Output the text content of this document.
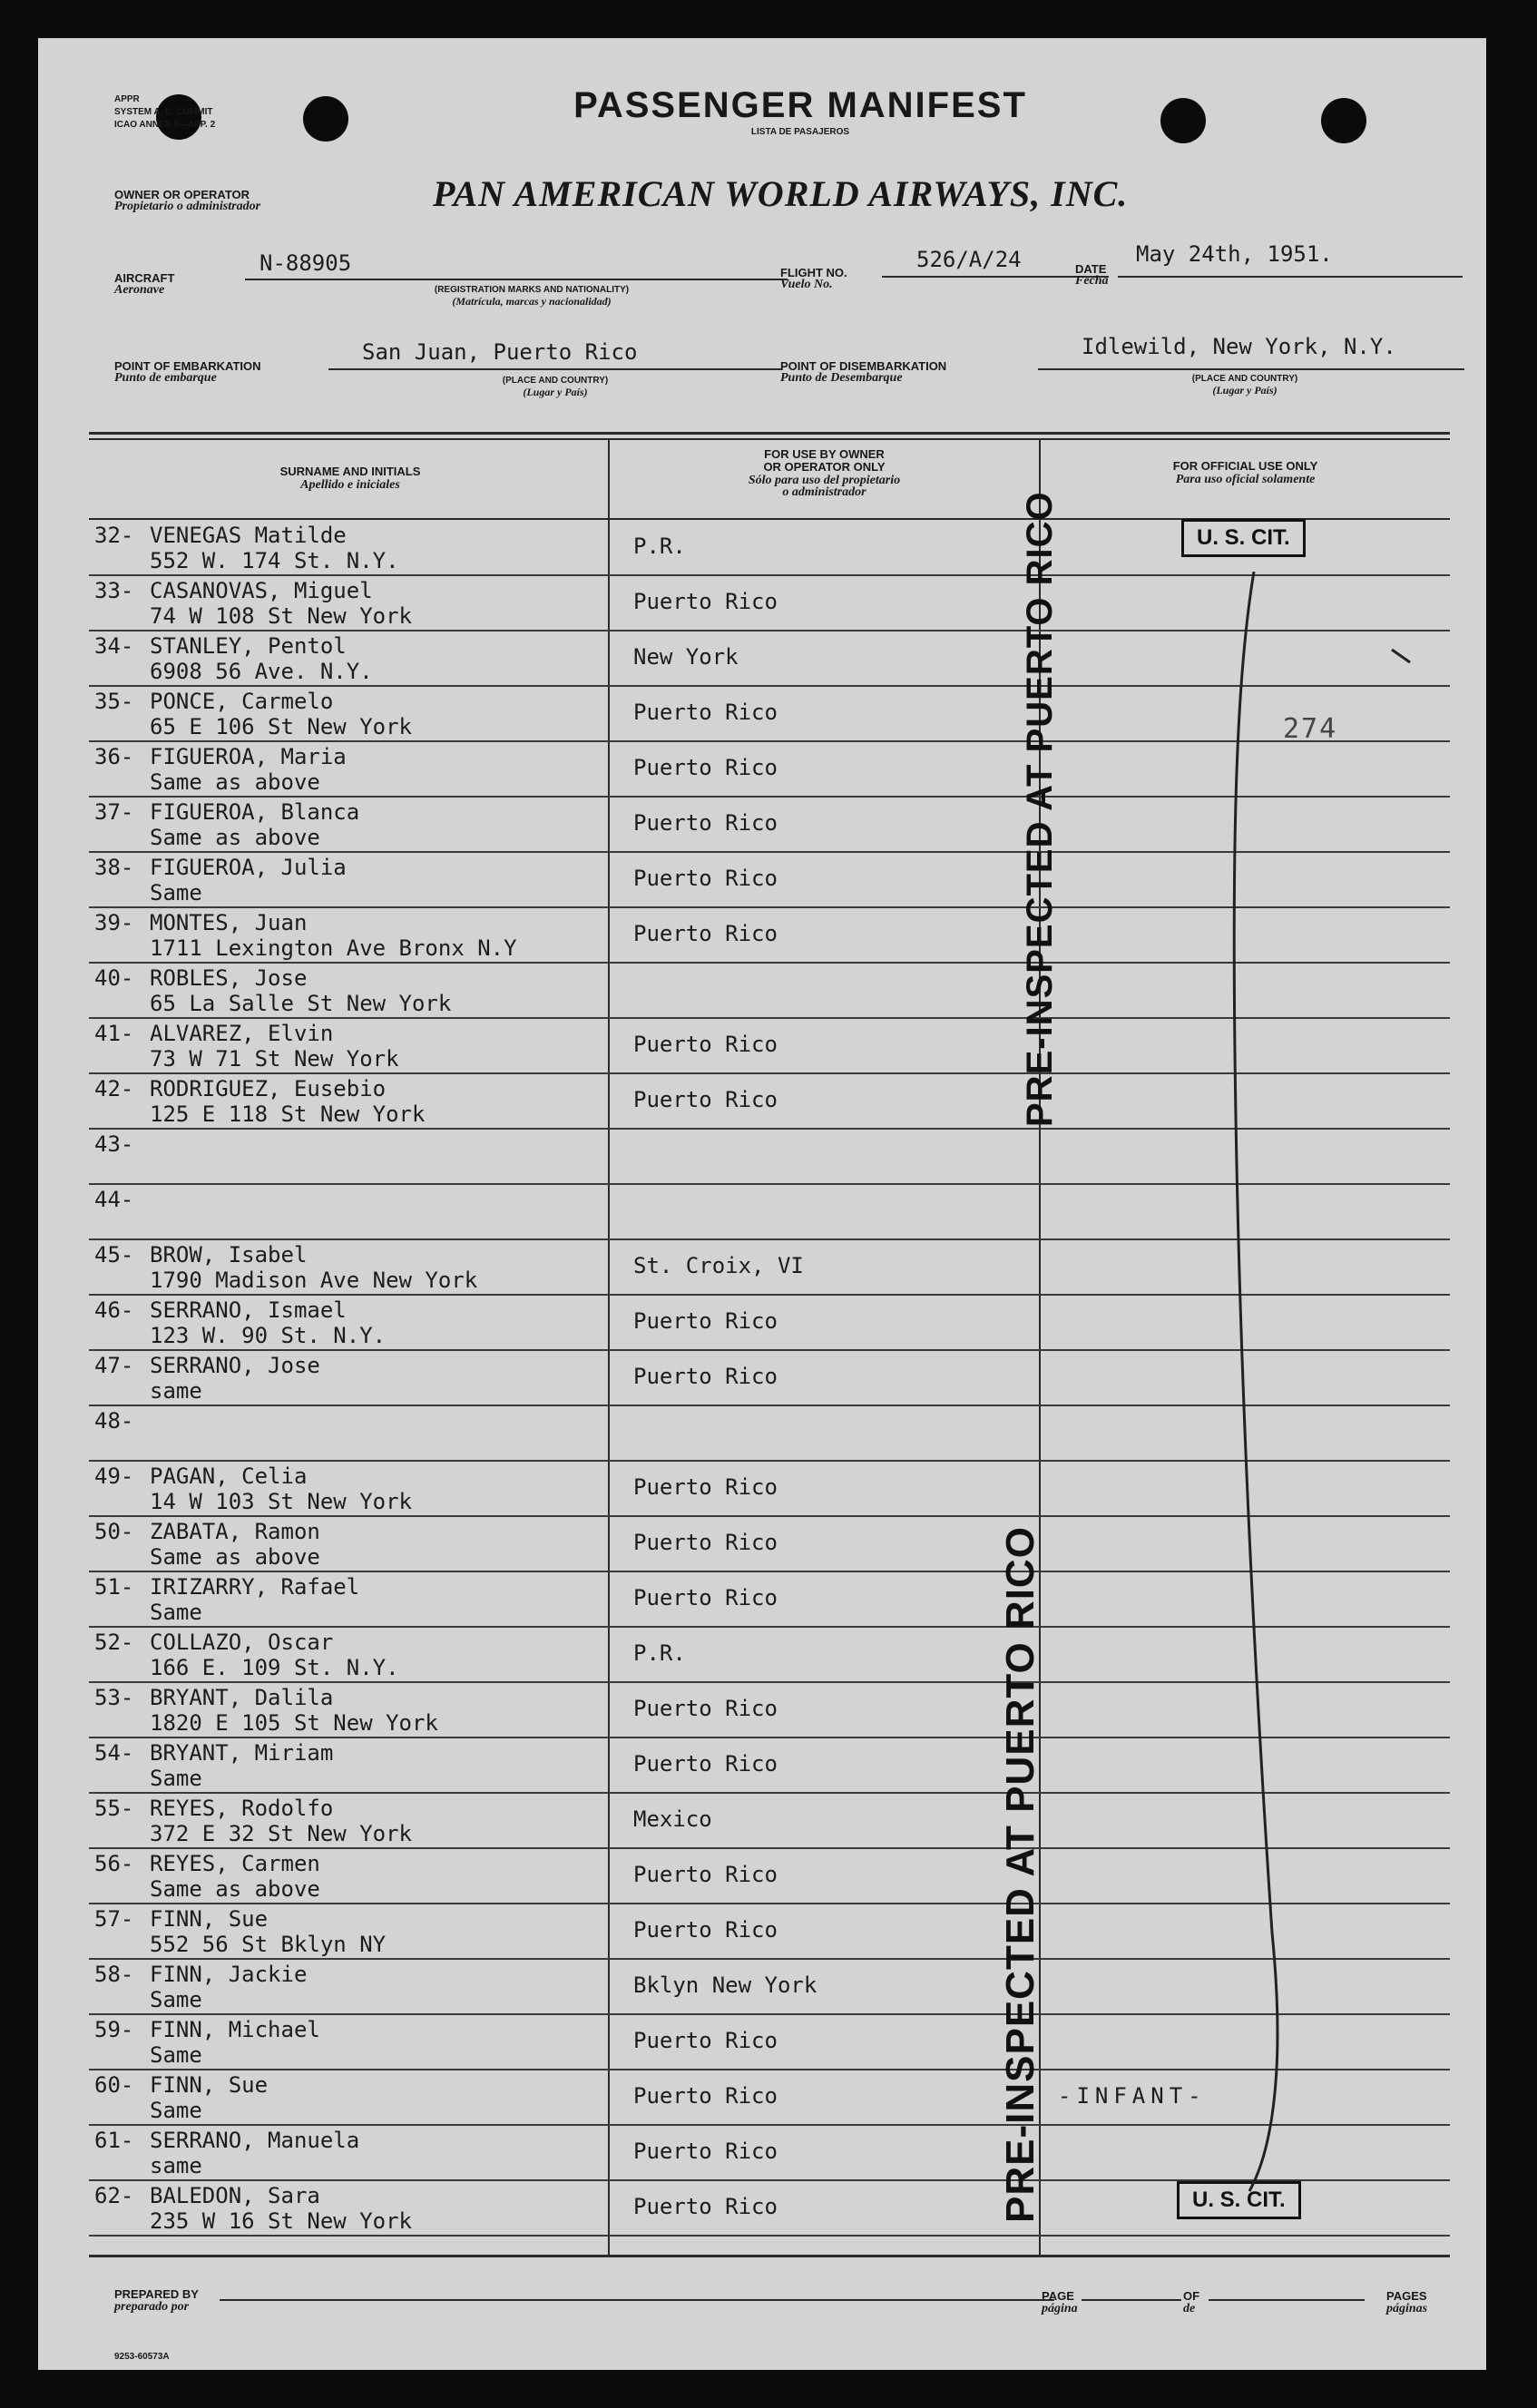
APPR
SYSTEM A. L. COMMIT
ICAO ANNEX 9—APP. 2	PASSENGER MANIFEST
LISTA DE PASAJEROS
OWNER OR OPERATOR
Propietario o administrador	PAN AMERICAN WORLD AIRWAYS, INC.
AIRCRAFT
Aeronave
N-88905
(REGISTRATION MARKS AND NATIONALITY)
(Matrícula, marcas y nacionalidad)
FLIGHT NO.
Vuelo No.
526/A/24	DATE
Fecha
May 24th, 1951.
POINT OF EMBARKATION
Punto de embarque
San Juan, Puerto Rico
(PLACE AND COUNTRY)
(Lugar y País)
POINT OF DISEMBARKATION
Punto de Desembarque
Idlewild, New York, N.Y.
(PLACE AND COUNTRY)
(Lugar y País)
SURNAME AND INITIALS
Apellido e iniciales
FOR USE BY OWNER
OR OPERATOR ONLY
Sólo para uso del propietario
o administrador
FOR OFFICIAL USE ONLY
Para uso oficial solamente
32- VENEGAS Matilde
552 W. 174 St. N.Y.
P.R.
33- CASANOVAS, Miguel
74 W 108 St New York
Puerto Rico
34- STANLEY, Pentol
6908 56 Ave. N.Y.
New York
35- PONCE, Carmelo
65 E 106 St New York
Puerto Rico
36- FIGUEROA, Maria
Same as above
Puerto Rico
37- FIGUEROA, Blanca
Same as above
Puerto Rico
38- FIGUEROA, Julia
Same
Puerto Rico
39- MONTES, Juan
1711 Lexington Ave Bronx N.Y
Puerto Rico
40- ROBLES, Jose
65 La Salle St New York
41- ALVAREZ, Elvin
73 W 71 St New York
Puerto Rico
42- RODRIGUEZ, Eusebio
125 E 118 St New York
Puerto Rico
43-
44-
45- BROW, Isabel
1790 Madison Ave New York
St. Croix, VI
46- SERRANO, Ismael
123 W. 90 St. N.Y.
Puerto Rico
47- SERRANO, Jose
same
Puerto Rico
48-
49- PAGAN, Celia
14 W 103 St New York
Puerto Rico
50- ZABATA, Ramon
Same as above
Puerto Rico
51- IRIZARRY, Rafael
Same
Puerto Rico
52- COLLAZO, Oscar
166 E. 109 St. N.Y.
P.R.
53- BRYANT, Dalila
1820 E 105 St New York
Puerto Rico
54- BRYANT, Miriam
Same
Puerto Rico
55- REYES, Rodolfo
372 E 32 St New York
Mexico
56- REYES, Carmen
Same as above
Puerto Rico
57- FINN, Sue
552 56 St Bklyn NY
Puerto Rico
58- FINN, Jackie
Same
Bklyn New York
59- FINN, Michael
Same
Puerto Rico
60- FINN, Sue
Same
Puerto Rico	-INFANT-
61- SERRANO, Manuela
same
Puerto Rico
62- BALEDON, Sara
235 W 16 St New York
Puerto Rico
U. S. CIT.
U. S. CIT.
274
PRE-INSPECTED AT PUERTO RICO
PRE-INSPECTED AT PUERTO RICO
PREPARED BY
preparado por
PAGE
página
OF
de
PAGES
páginas
9253-60573A
